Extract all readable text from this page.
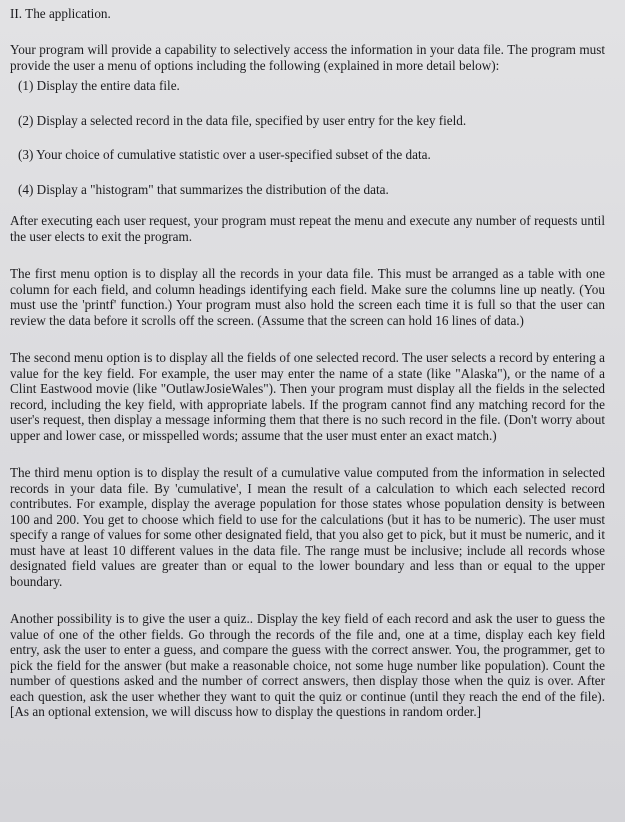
II. The application.

Your program will provide a capability to selectively access the information in your data file. The program must provide the user a menu of options including the following (explained in more detail below):

(1) Display the entire data file.
(2) Display a selected record in the data file, specified by user entry for the key field.
(3) Your choice of cumulative statistic over a user-specified subset of the data.
(4) Display a "histogram" that summarizes the distribution of the data.

After executing each user request, your program must repeat the menu and execute any number of requests until the user elects to exit the program.

The first menu option is to display all the records in your data file. This must be arranged as a table with one column for each field, and column headings identifying each field. Make sure the columns line up neatly. (You must use the 'printf' function.) Your program must also hold the screen each time it is full so that the user can review the data before it scrolls off the screen. (Assume that the screen can hold 16 lines of data.)

The second menu option is to display all the fields of one selected record. The user selects a record by entering a value for the key field. For example, the user may enter the name of a state (like "Alaska"), or the name of a Clint Eastwood movie (like "OutlawJosieWales"). Then your program must display all the fields in the selected record, including the key field, with appropriate labels. If the program cannot find any matching record for the user's request, then display a message informing them that there is no such record in the file. (Don't worry about upper and lower case, or misspelled words; assume that the user must enter an exact match.)

The third menu option is to display the result of a cumulative value computed from the information in selected records in your data file. By 'cumulative', I mean the result of a calculation to which each selected record contributes. For example, display the average population for those states whose population density is between 100 and 200. You get to choose which field to use for the calculations (but it has to be numeric). The user must specify a range of values for some other designated field, that you also get to pick, but it must be numeric, and it must have at least 10 different values in the data file. The range must be inclusive; include all records whose designated field values are greater than or equal to the lower boundary and less than or equal to the upper boundary.

Another possibility is to give the user a quiz.. Display the key field of each record and ask the user to guess the value of one of the other fields. Go through the records of the file and, one at a time, display each key field entry, ask the user to enter a guess, and compare the guess with the correct answer. You, the programmer, get to pick the field for the answer (but make a reasonable choice, not some huge number like population). Count the number of questions asked and the number of correct answers, then display those when the quiz is over. After each question, ask the user whether they want to quit the quiz or continue (until they reach the end of the file). [As an optional extension, we will discuss how to display the questions in random order.]
